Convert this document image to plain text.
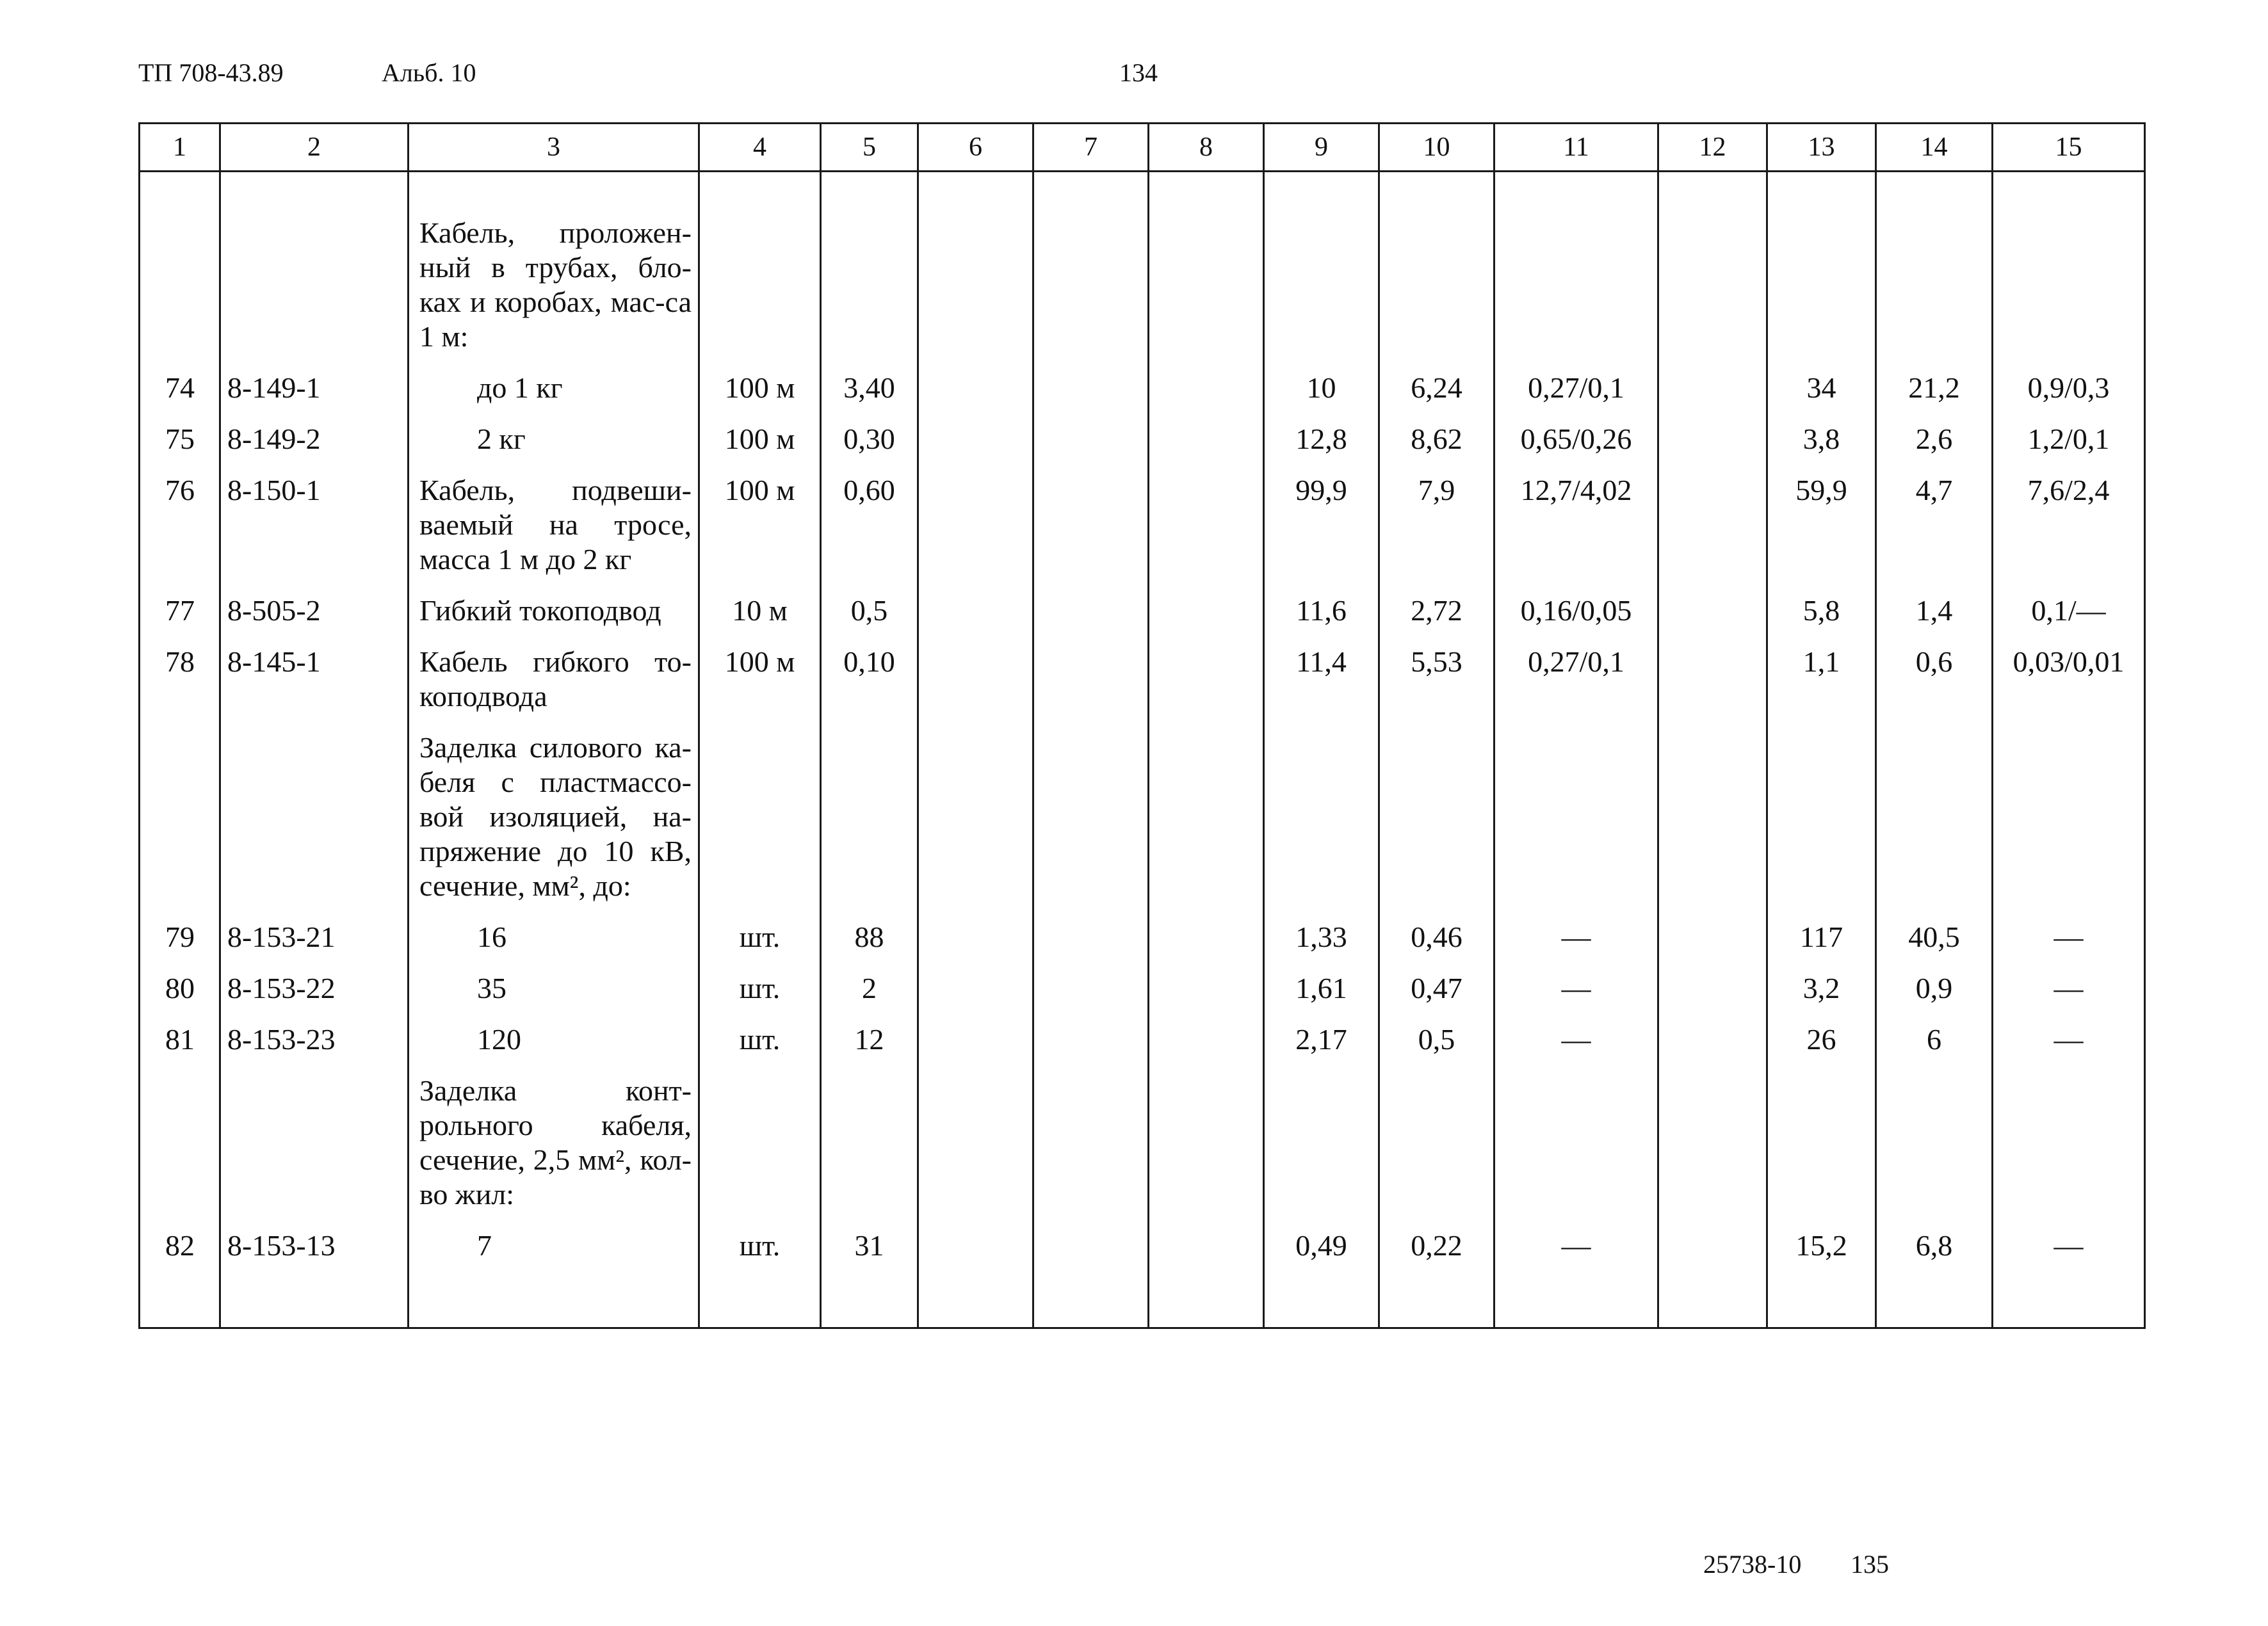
ТП 708-43.89	Альб. 10	134
1	2	3	4	5	6	7	8	9	10	11	12	13	14	15

		Кабель, проложен-ный в трубах, бло-ках и коробах, мас-са 1 м:												
74	8-149-1	до 1 кг	100 м	3,40				10	6,24	0,27/0,1		34	21,2	0,9/0,3
75	8-149-2	2 кг	100 м	0,30				12,8	8,62	0,65/0,26		3,8	2,6	1,2/0,1
76	8-150-1	Кабель, подвеши-ваемый на тросе, масса 1 м до 2 кг	100 м	0,60				99,9	7,9	12,7/4,02		59,9	4,7	7,6/2,4
77	8-505-2	Гибкий токоподвод	10 м	0,5				11,6	2,72	0,16/0,05		5,8	1,4	0,1/—
78	8-145-1	Кабель гибкого то-коподвода	100 м	0,10				11,4	5,53	0,27/0,1		1,1	0,6	0,03/0,01
		Заделка силового ка-беля с пластмассо-вой изоляцией, на-пряжение до 10 кВ, сечение, мм², до:												
79	8-153-21	16	шт.	88				1,33	0,46	—		117	40,5	—
80	8-153-22	35	шт.	2				1,61	0,47	—		3,2	0,9	—
81	8-153-23	120	шт.	12				2,17	0,5	—		26	6	—
		Заделка конт-рольного кабеля, сечение, 2,5 мм², кол-во жил:												
82	8-153-13	7	шт.	31				0,49	0,22	—		15,2	6,8	—

25738-10 135
